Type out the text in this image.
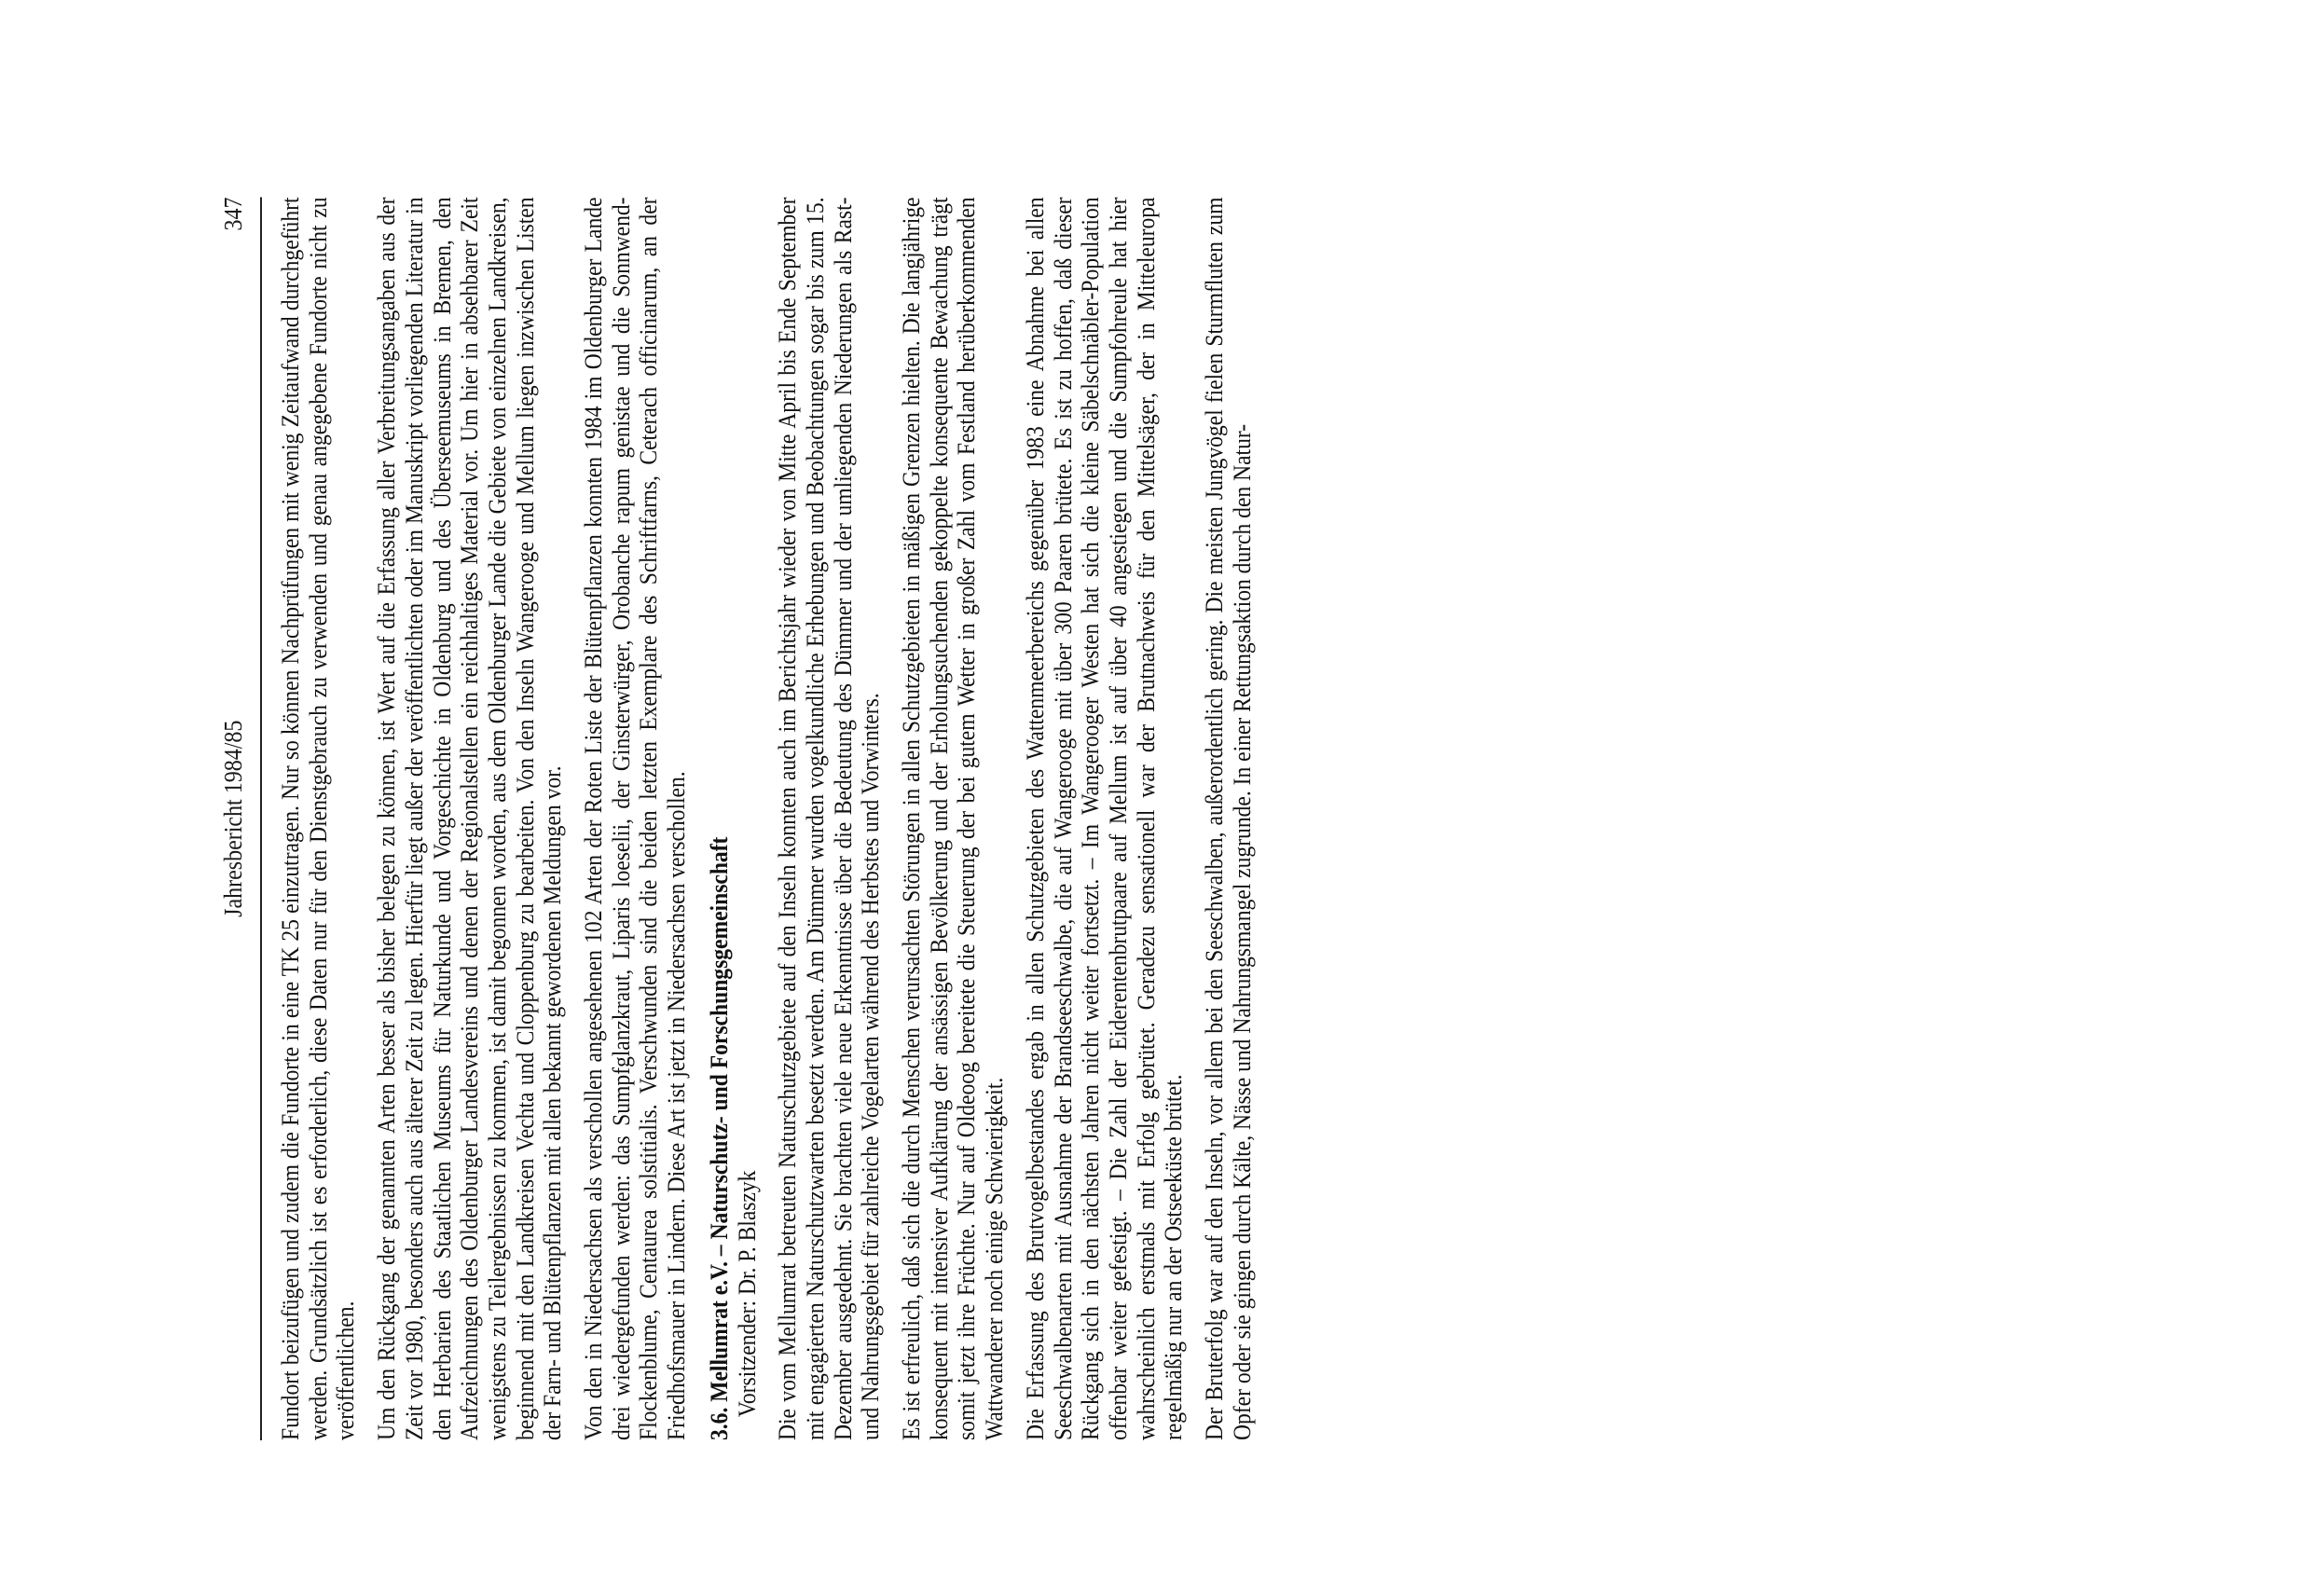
Jahresbericht 1984/85
347 Fundort beizufügen und zudem die Fundorte in eine TK 25 einzutragen. Nur so können Nachprüfungen mit wenig Zeitaufwand durchgeführt werden. Grundsätzlich ist es erforderlich, diese Daten nur für den Dienstgebrauch zu verwenden und genau angegebene Fundorte nicht zu veröffentlichen. Um den Rückgang der genannten Arten besser als bisher belegen zu können, ist Wert auf die Erfassung aller Verbreitungsangaben aus der Zeit vor 1980, besonders auch aus älterer Zeit zu legen. Hierfür liegt außer der veröffentlichten oder im Manuskript vorliegenden Literatur in den Herbarien des Staatlichen Museums für Naturkunde und Vorgeschichte in Oldenburg und des Überseemuseums in Bremen, den Aufzeichnungen des Oldenburger Landesvereins und denen der Regionalstellen ein reichhaltiges Material vor. Um hier in absehbarer Zeit wenigstens zu Teilergebnissen zu kommen, ist damit begonnen worden, aus dem Oldenburger Lande die Gebiete von einzelnen Landkreisen, beginnend mit den Landkreisen Vechta und Cloppenburg zu bearbeiten. Von den Inseln Wangerooge und Mellum liegen inzwischen Listen der Farn- und Blütenpflanzen mit allen bekannt gewordenen Meldungen vor. Von den in Niedersachsen als verschollen angesehenen 102 Arten der Roten Liste der Blütenpflanzen konnten 1984 im Oldenburger Lande drei wiedergefunden werden: das Sumpfglanzkraut, Liparis loeselii, der Ginsterwürger, Orobanche rapum genistae und die Sonnwend-Flockenblume, Centaurea solstitialis. Verschwunden sind die beiden letzten Exemplare des Schriftfarns, Ceterach officinarum, an der Friedhofsmauer in Lindern. Diese Art ist jetzt in Niedersachsen verschollen. 3.6. Mellumrat e.V. – Naturschutz- und Forschungsgemeinschaft Vorsitzender: Dr. P. Blaszyk Die vom Mellumrat betreuten Naturschutzgebiete auf den Inseln konnten auch im Berichtsjahr wieder von Mitte April bis Ende September mit engagierten Naturschutzwarten besetzt werden. Am Dümmer wurden vogelkundliche Erhebungen und Beobachtungen sogar bis zum 15. Dezember ausgedehnt. Sie brachten viele neue Erkenntnisse über die Bedeutung des Dümmer und der umliegenden Niederungen als Rast- und Nahrungsgebiet für zahlreiche Vogelarten während des Herbstes und Vorwinters. Es ist erfreulich, daß sich die durch Menschen verursachten Störungen in allen Schutzgebieten in mäßigen Grenzen hielten. Die langjährige konsequent mit intensiver Aufklärung der ansässigen Bevölkerung und der Erholungsuchenden gekoppelte konsequente Bewachung trägt somit jetzt ihre Früchte. Nur auf Oldeoog bereitete die Steuerung der bei gutem Wetter in großer Zahl vom Festland herüberkommenden Wattwanderer noch einige Schwierigkeit. Die Erfassung des Brutvogelbestandes ergab in allen Schutzgebieten des Wattenmeerbereichs gegenüber 1983 eine Abnahme bei allen Seeschwalbenarten mit Ausnahme der Brandseeschwalbe, die auf Wangerooge mit über 300 Paaren brütete. Es ist zu hoffen, daß dieser Rückgang sich in den nächsten Jahren nicht weiter fortsetzt. – Im Wangerooger Westen hat sich die kleine Säbelschnäbler-Population offenbar weiter gefestigt. – Die Zahl der Eiderentenbrutpaare auf Mellum ist auf über 40 angestiegen und die Sumpfohreule hat hier wahrscheinlich erstmals mit Erfolg gebrütet. Geradezu sensationell war der Brutnachweis für den Mittelsäger, der in Mitteleuropa regelmäßig nur an der Ostseeküste brütet. Der Bruterfolg war auf den Inseln, vor allem bei den Seeschwalben, außerordentlich gering. Die meisten Jungvögel fielen Sturmfluten zum Opfer oder sie gingen durch Kälte, Nässe und Nahrungsmangel zugrunde. In einer Rettungsaktion durch den Natur-
